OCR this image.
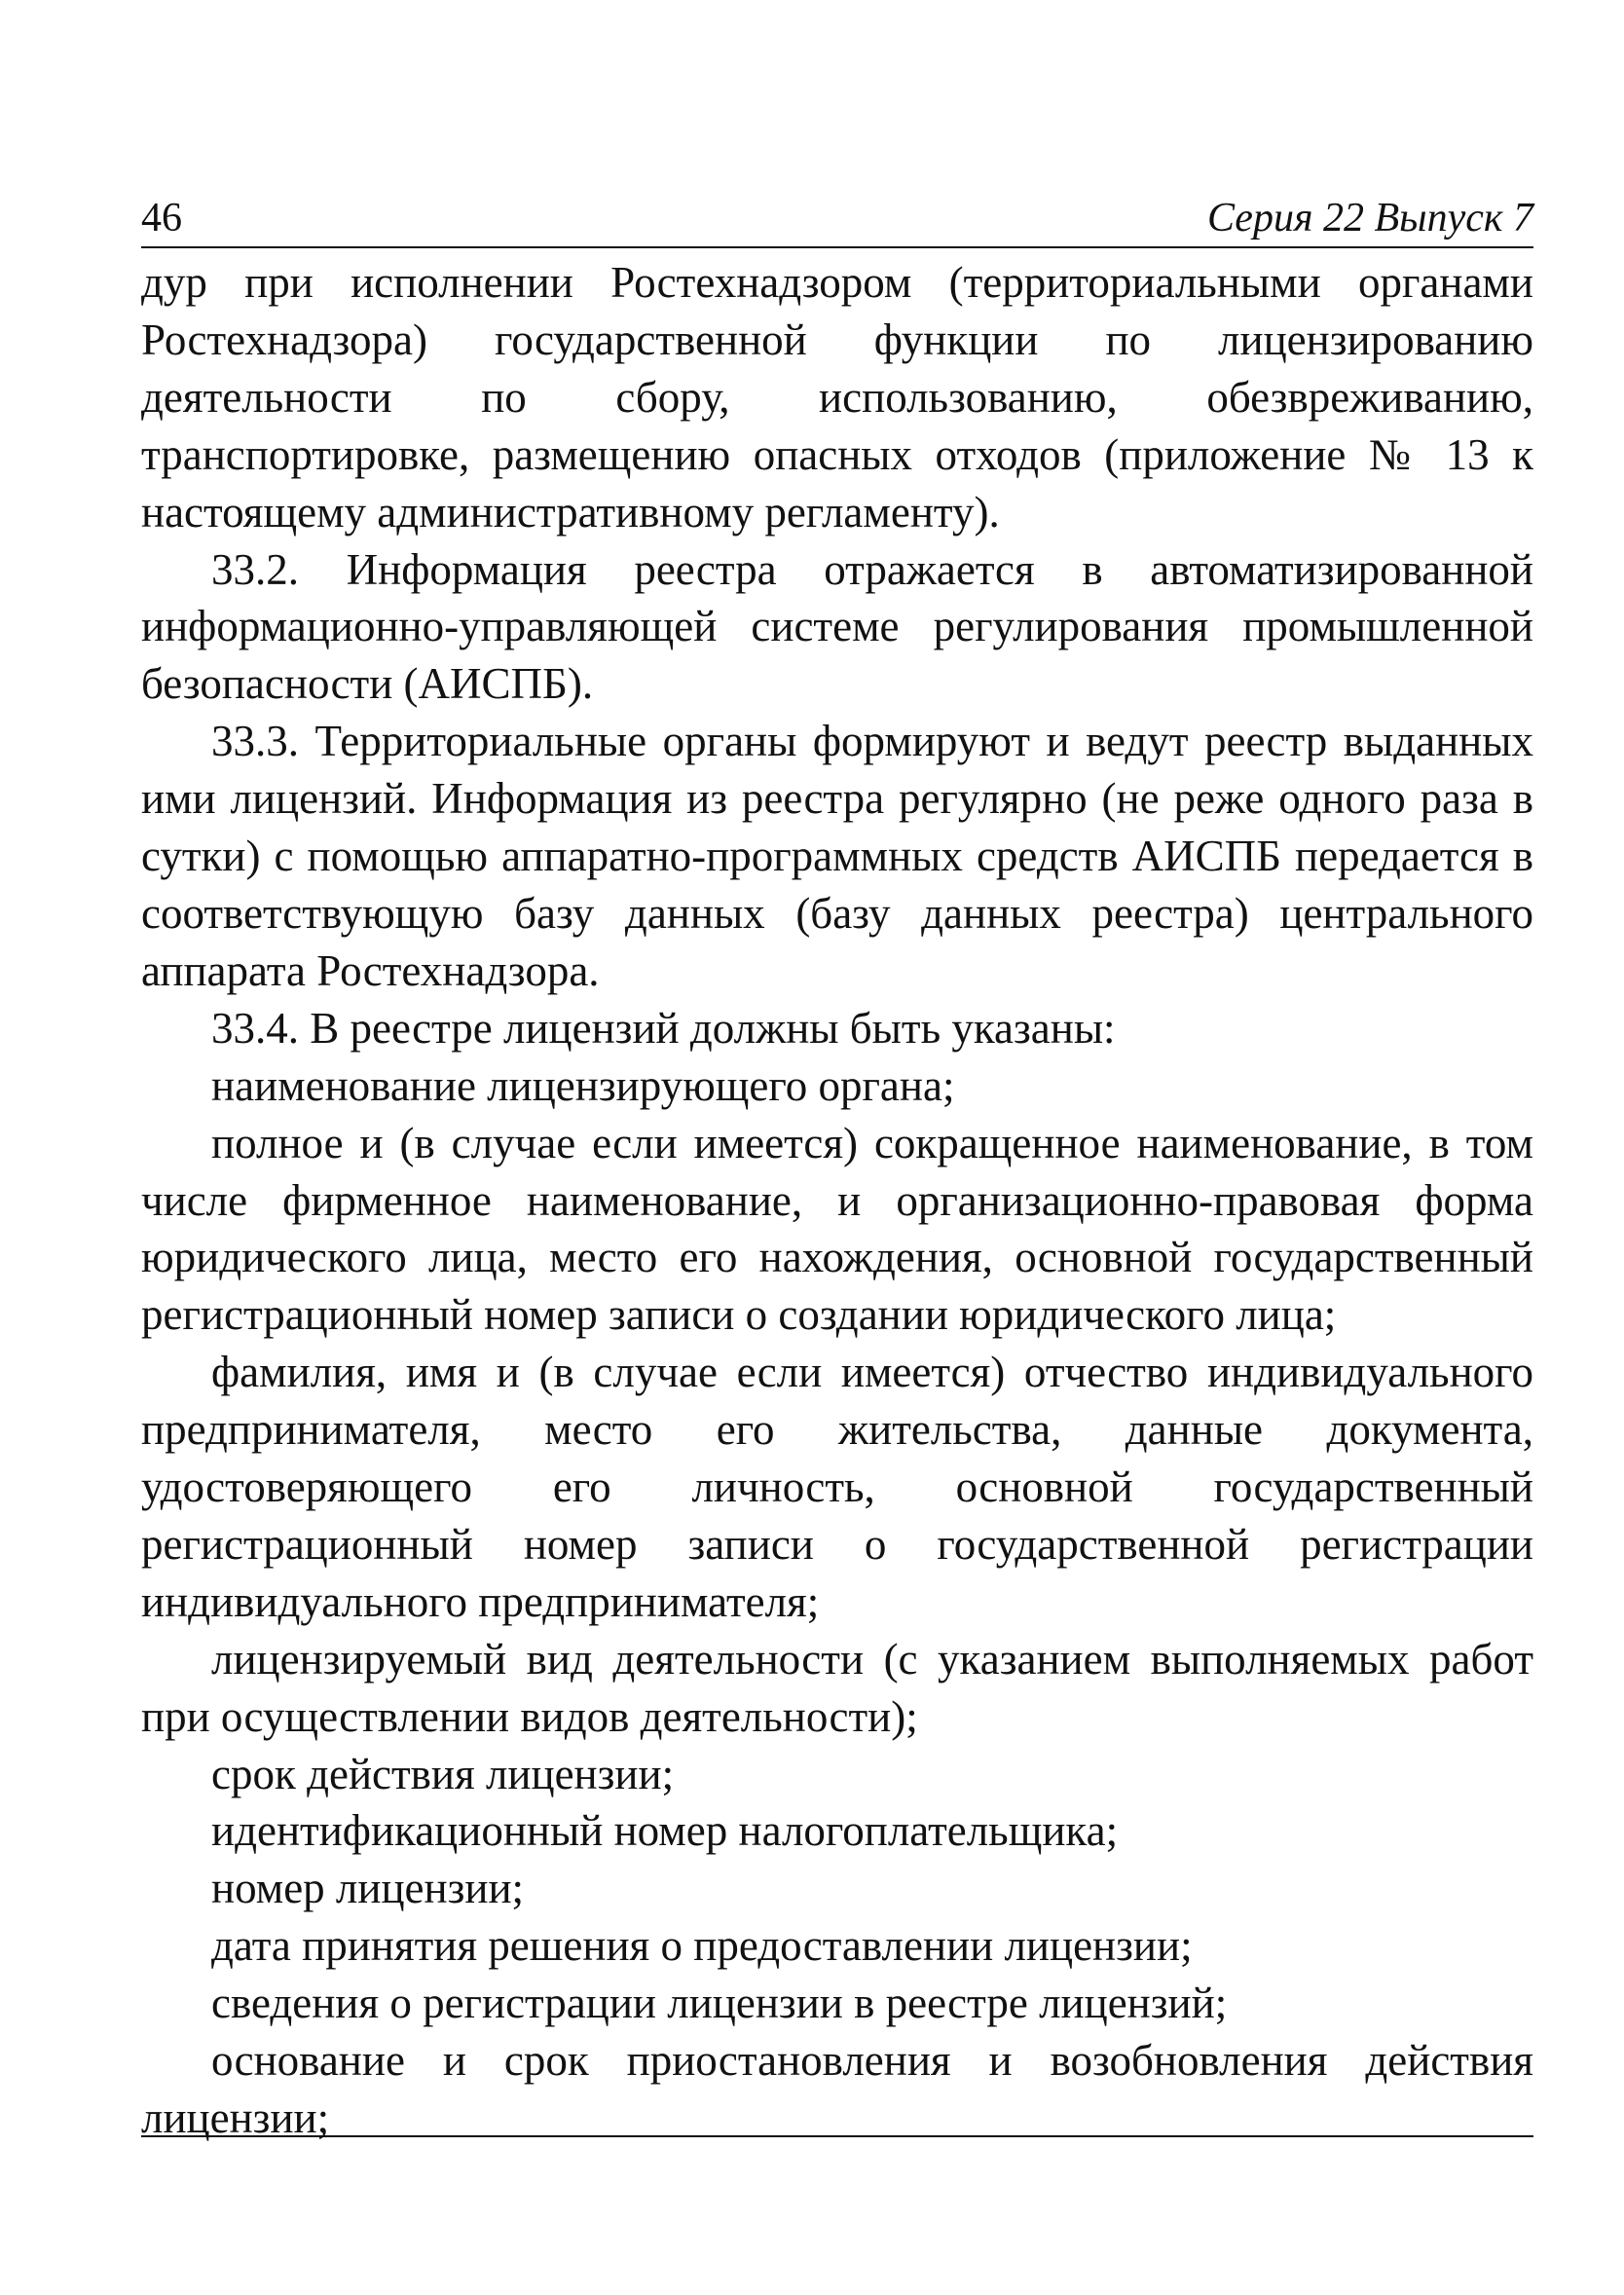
46	Серия 22 Выпуск 7

дур при исполнении Ростехнадзором (территориальными органами Ростехнадзора) государственной функции по лицензированию деятельности по сбору, использованию, обезвреживанию, транспортировке, размещению опасных отходов (приложение № 13 к настоящему административному регламенту).

33.2. Информация реестра отражается в автоматизированной информационно-управляющей системе регулирования промышленной безопасности (АИСПБ).

33.3. Территориальные органы формируют и ведут реестр выданных ими лицензий. Информация из реестра регулярно (не реже одного раза в сутки) с помощью аппаратно-программных средств АИСПБ передается в соответствующую базу данных (базу данных реестра) центрального аппарата Ростехнадзора.

33.4. В реестре лицензий должны быть указаны:

наименование лицензирующего органа;

полное и (в случае если имеется) сокращенное наименование, в том числе фирменное наименование, и организационно-правовая форма юридического лица, место его нахождения, основной государственный регистрационный номер записи о создании юридического лица;

фамилия, имя и (в случае если имеется) отчество индивидуального предпринимателя, место его жительства, данные документа, удостоверяющего его личность, основной государственный регистрационный номер записи о государственной регистрации индивидуального предпринимателя;

лицензируемый вид деятельности (с указанием выполняемых работ при осуществлении видов деятельности);

срок действия лицензии;

идентификационный номер налогоплательщика;

номер лицензии;

дата принятия решения о предоставлении лицензии;

сведения о регистрации лицензии в реестре лицензий;

основание и срок приостановления и возобновления действия лицензии;
